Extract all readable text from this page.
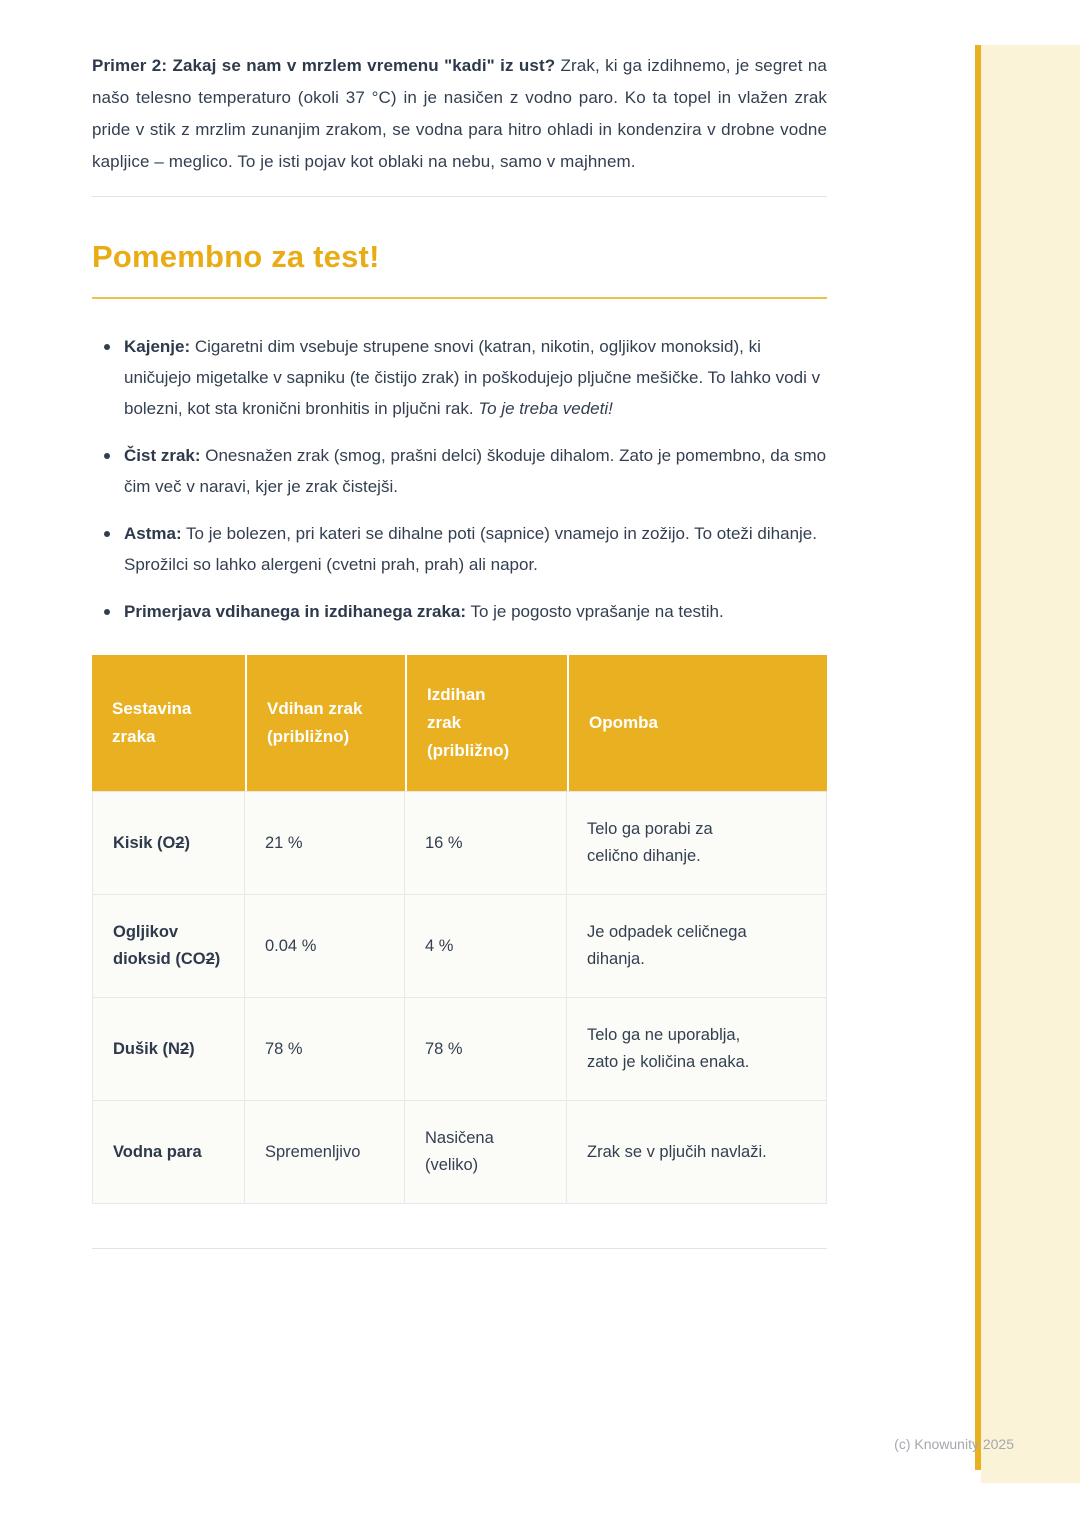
Primer 2: Zakaj se nam v mrzlem vremenu "kadi" iz ust? Zrak, ki ga izdihnemo, je segret na našo telesno temperaturo (okoli 37 °C) in je nasičen z vodno paro. Ko ta topel in vlažen zrak pride v stik z mrzlim zunanjim zrakom, se vodna para hitro ohladi in kondenzira v drobne vodne kapljice – meglico. To je isti pojav kot oblaki na nebu, samo v majhnem.

Pomembno za test!
Kajenje: Cigaretni dim vsebuje strupene snovi (katran, nikotin, ogljikov monoksid), ki uničujejo migetalke v sapniku (te čistijo zrak) in poškodujejo pljučne mešičke. To lahko vodi v bolezni, kot sta kronični bronhitis in pljučni rak. To je treba vedeti!
Čist zrak: Onesnažen zrak (smog, prašni delci) škoduje dihalom. Zato je pomembno, da smo čim več v naravi, kjer je zrak čistejši.
Astma: To je bolezen, pri kateri se dihalne poti (sapnice) vnamejo in zožijo. To oteži dihanje. Sprožilci so lahko alergeni (cvetni prah, prah) ali napor.
Primerjava vdihanega in izdihanega zraka: To je pogosto vprašanje na testih.
Sestavina zraka	Vdihan zrak (približno)	Izdihan zrak (približno)	Opomba

Kisik (O2)	21 %	16 %	Telo ga porabi za celično dihanje.

Ogljikov dioksid (CO2)	0.04 %	4 %	Je odpadek celičnega dihanja.

Dušik (N2)	78 %	78 %	Telo ga ne uporablja, zato je količina enaka.

Vodna para	Spremenljivo	Nasičena (veliko)	Zrak se v pljučih navlaži.
(c) Knowunity 2025
